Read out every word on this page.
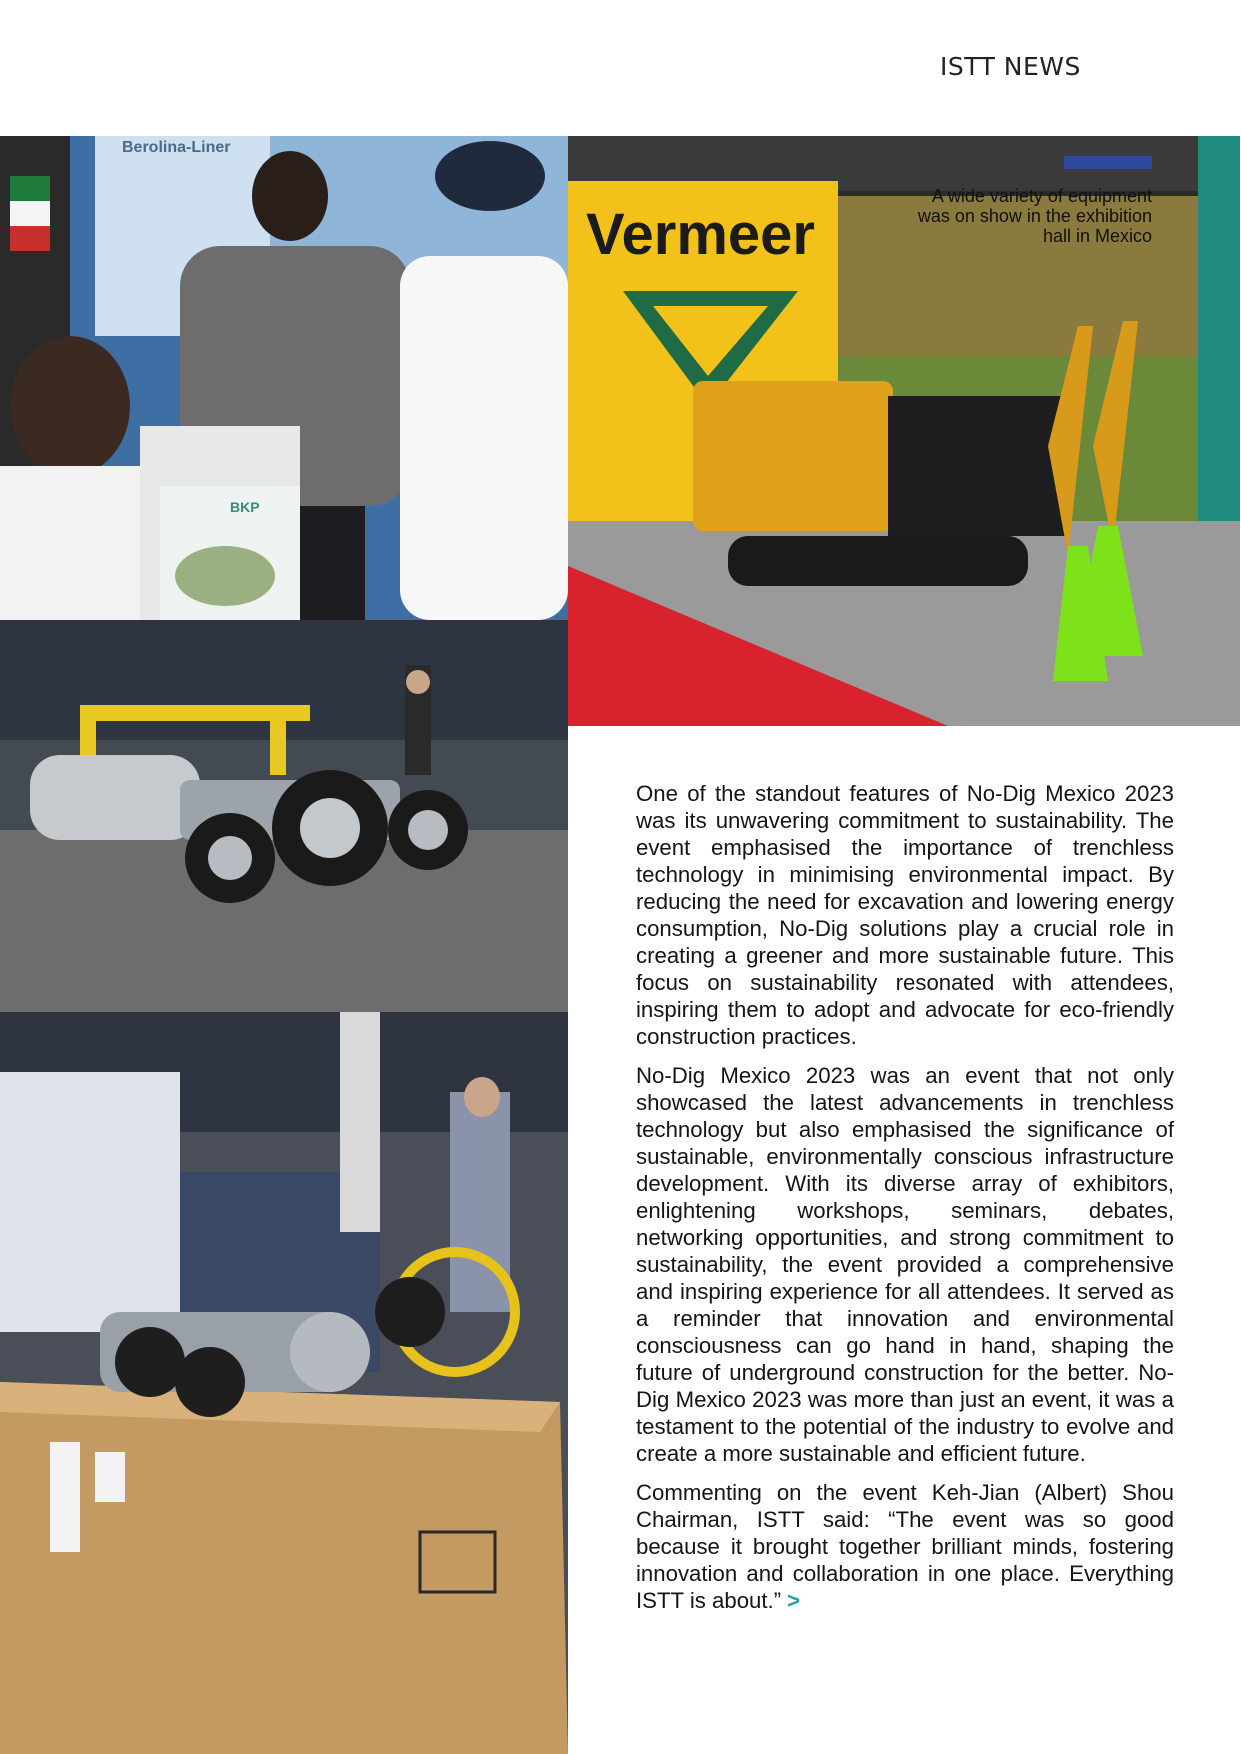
ISTT NEWS
Berolina-Liner
BKP
Vermeer
A wide variety of equipment
was on show in the exhibition
hall in Mexico

One of the standout features of No-Dig Mexico 2023 was its unwavering commitment to sustainability. The event emphasised the importance of trenchless technology in minimising environmental impact. By reducing the need for excavation and lowering energy consumption, No-Dig solutions play a crucial role in creating a greener and more sustainable future. This focus on sustainability resonated with attendees, inspiring them to adopt and advocate for eco-friendly construction practices.

No-Dig Mexico 2023 was an event that not only showcased the latest advancements in trenchless technology but also emphasised the significance of sustainable, environmentally conscious infrastructure development. With its diverse array of exhibitors, enlightening workshops, seminars, debates, networking opportunities, and strong commitment to sustainability, the event provided a comprehensive and inspiring experience for all attendees. It served as a reminder that innovation and environmental consciousness can go hand in hand, shaping the future of underground construction for the better. No-Dig Mexico 2023 was more than just an event, it was a testament to the potential of the industry to evolve and create a more sustainable and efficient future.

Commenting on the event Keh-Jian (Albert) Shou Chairman, ISTT said: “The event was so good because it brought together brilliant minds, fostering innovation and collaboration in one place. Everything ISTT is about.” >
